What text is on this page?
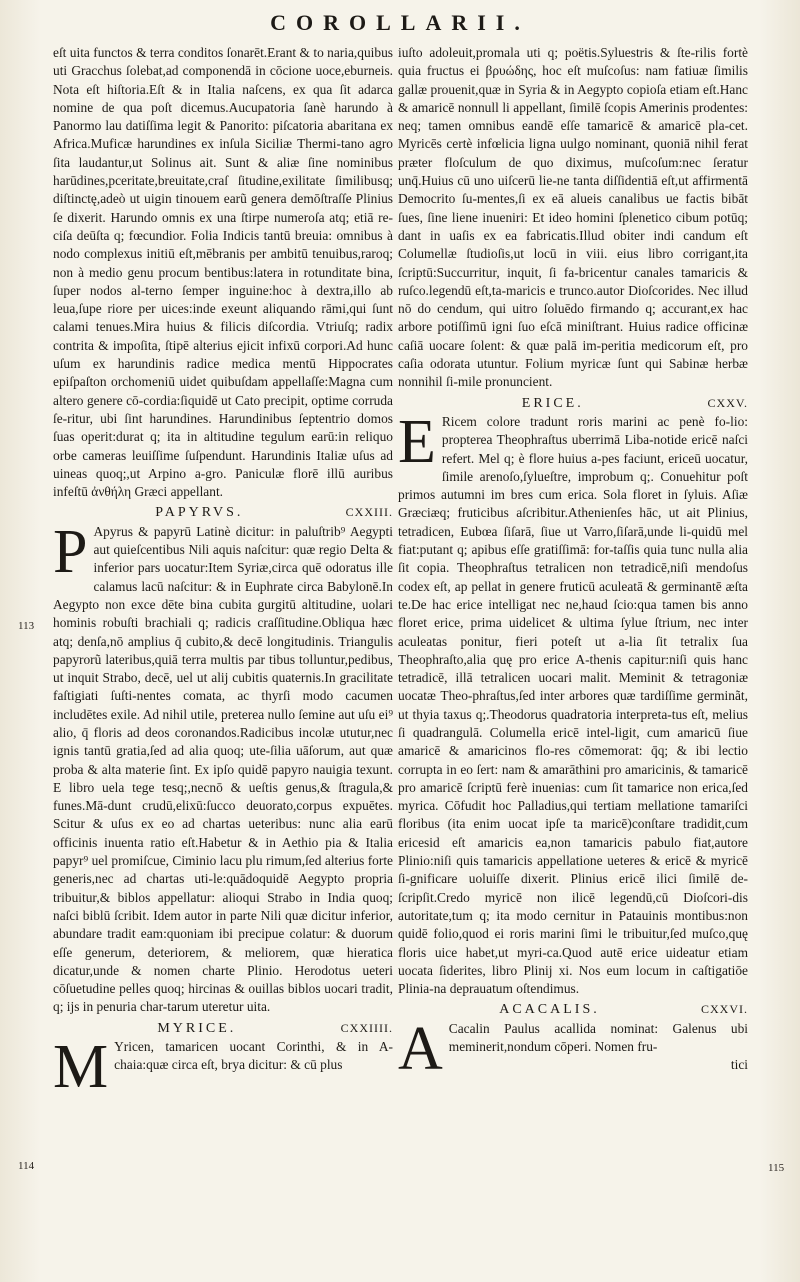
COROLLARII.
113
114	115

eſt uita functos & terra conditos ſonarēt.Erant & to naria,quibus uti Gracchus ſolebat,ad componendā in cōcione uoce,eburneis. Nota eſt hiſtoria.Eſt & in Italia naſcens, ex qua ſit adarca nomine de qua poſt dicemus.Aucupatoria ſanè harundo à Panormo lau datiſſima legit & Panorito: piſcatoria abaritana ex Africa.Muficæ harundines ex inſula Siciliæ Thermi-tano agro ſita laudantur,ut Solinus ait. Sunt & aliæ ſine nominibus harūdines,pceritate,breuitate,craſ ſitudine,exilitate ſimilibusq; diſtinctę,adeò ut uigin tinouem earũ genera demōſtraſſe Plinius ſe dixerit. Harundo omnis ex una ſtirpe numeroſa atq; etiā re-ciſa deūſta q; fœcundior. Folia Indicis tantū breuia: omnibus à nodo complexus initiū eſt,mēbranis per ambitū tenuibus,raroq; non à medio genu procum bentibus:latera in rotunditate bina, ſuper nodos al-terno ſemper inguine:hoc à dextra,illo ab leua,ſupe riore per uices:inde exeunt aliquando rāmi,qui ſunt calami tenues.Mira huius & filicis diſcordia. Vtriuſq; radix contrita & impoſita, ſtipē alterius ejicit infixū corpori.Ad hunc uſum ex harundinis radice medica mentū Hippocrates epiſpaſton orchomeniū uidet quibuſdam appellaſſe:Magna cum altero genere cō-cordia:ſiquidē ut Cato precipit, optime corruda ſe-ritur, ubi ſint harundines. Harundinibus ſeptentrio domos ſuas operit:durat q; ita in altitudine tegulum earū:in reliquo orbe cameras leuiſſime ſuſpendunt. Harundinis Italiæ uſus ad uineas quoq;,ut Arpino a-gro. Paniculæ florē illū auribus infeſtū ἀνθήλη Græci appellant.

PAPYRVS.	CXXIII.

P Apyrus & papyrū Latinè dicitur: in paluſtrib⁹ Aegypti aut quieſcentibus Nili aquis naſcitur: quæ regio Delta & inferior pars uocatur:Item Syriæ,circa quē odoratus ille calamus lacū naſcitur: & in Euphrate circa Babylonē.In Aegypto non exce dēte bina cubita gurgitū altitudine, uolari hominis robuſti brachiali q; radicis craſſitudine.Obliqua hæc atq; denſa,nō amplius q̄ cubito,& decē longitudinis. Triangulis papyrorũ lateribus,quiā terra multis par tibus tolluntur,pedibus, ut inquit Strabo, decē, uel ut alij cubitis quaternis.In gracilitate faſtigiati ſuſti-nentes comata, ac thyrſi modo cacumen includētes exile. Ad nihil utile, preterea nullo ſemine aut uſu ei⁹ alio, q̄ floris ad deos coronandos.Radicibus incolæ ututur,nec ignis tantū gratia,ſed ad alia quoq; ute-ſilia uāſorum, aut quæ proba & alta materie ſint. Ex ipſo quidē papyro nauigia texunt. E libro uela tege tesq;,necnō & ueſtis genus,& ſtragula,& funes.Mā-dunt crudū,elixū:ſucco deuorato,corpus expuētes. Scitur & uſus ex eo ad chartas ueteribus: nunc alia earū officinis inuenta ratio eſt.Habetur & in Aethio pia & Italia papyr⁹ uel promiſcue, Ciminio lacu plu rimum,ſed alterius forte generis,nec ad chartas uti-le:quādoquidē Aegypto propria tribuitur,& biblos appellatur: alioqui Strabo in India quoq; naſci biblū ſcribit. Idem autor in parte Nili quæ dicitur inferior, abundare tradit eam:quoniam ibi precipue colatur: & duorum eſſe generum, deteriorem, & meliorem, quæ hieratica dicatur,unde & nomen charte Plinio. Herodotus ueteri cōſuetudine pelles quoq; hircinas & ouillas biblos uocari tradit, q; ijs in penuria char-tarum uteretur uita.

MYRICE.	CXXIIII.

M Yricen, tamaricen uocant Corinthi, & in A-chaia:quæ circa eſt, brya dicitur: & cū plus

iuſto adoleuit,promala uti q; poëtis.Syluestris & ſte-rilis fortè quia fructus ei βρυώδης, hoc eſt muſcoſus: nam fatiuæ ſimilis gallæ prouenit,quæ in Syria & in Aegypto copioſa etiam eſt.Hanc & amaricē nonnull li appellant, ſimilē ſcopis Amerinis prodentes: neq; tamen omnibus eandē eſſe tamaricē & amaricē pla-cet. Myricēs certè infœlicia ligna uulgo nominant, quoniā nihil ferat præter floſculum de quo diximus, muſcoſum:nec ſeratur unq̄.Huius cū uno uiſcerū lie-ne tanta diſſidentiā eſt,ut affirmentā Democrito ſu-mentes,ſi ex eā alueis canalibus ue factis bibāt ſues, ſine liene inueniri: Et ideo homini ſplenetico cibum potūq; dant in uaſis ex ea fabricatis.Illud obiter indi candum eſt Columellæ ſtudioſis,ut locū in viii. eius libro corrigant,ita ſcriptū:Succurritur, inquit, ſi fa-bricentur canales tamaricis & ruſco.legendū eſt,ta-maricis e trunco.autor Dioſcorides. Nec illud nō do cendum, qui uitro ſoluēdo firmando q; accurant,ex hac arbore potiſſimū igni ſuo eſcā miniſtrant. Huius radice officinæ caſiā uocare ſolent: & quæ palā im-peritia medicorum eſt, pro caſia odorata utuntur. Folium myricæ ſunt qui Sabinæ herbæ nonnihil ſi-mile pronuncient.

ERICE.	CXXV.

E Ricem colore tradunt roris marini ac penè fo-lio: propterea Theophraſtus uberrimā Liba-notide ericē naſci refert. Mel q; è flore huius a-pes faciunt, ericeū uocatur, ſimile arenoſo,ſylueſtre, improbum q;. Conuehitur poſt primos autumni im bres cum erica. Sola floret in ſyluis. Aſiæ Græciæq; fruticibus aſcribitur.Athenienſes hāc, ut ait Plinius, tetradicen, Eubœa ſiſarā, ſiue ut Varro,ſiſarā,unde li-quidū mel fiat:putant q; apibus eſſe gratiſſimā: for-taſſis quia tunc nulla alia ſit copia. Theophraſtus tetralicen non tetradicē,niſi mendoſus codex eſt, ap pellat in genere fruticū aculeatā & germinantē æſta te.De hac erice intelligat nec ne,haud ſcio:qua tamen bis anno floret erice, prima uidelicet & ultima ſylue ſtrium, nec inter aculeatas ponitur, fieri poteſt ut a-lia ſit tetralix ſua Theophraſto,alia quę pro erice A-thenis capitur:niſi quis hanc tetradicē, illā tetralicen uocari malit. Meminit & tetragoniæ uocatæ Theo-phraſtus,ſed inter arbores quæ tardiſſime germinãt, ut thyia taxus q;.Theodorus quadratoria interpreta-tus eſt, melius ſi quadrangulā. Columella ericē intel-ligit, cum amaricū ſiue amaricē & amaricinos flo-res cōmemorat: q̄q; & ibi lectio corrupta in eo ſert: nam & amarāthini pro amaricinis, & tamaricē pro amaricē ſcriptū ferè inuenias: cum ſit tamarice non erica,ſed myrica. Cōfudit hoc Palladius,qui tertiam mellatione tamariſci floribus (ita enim uocat ipſe ta maricē)conſtare tradidit,cum ericesid eſt amaricis ea,non tamaricis pabulo fiat,autore Plinio:niſi quis tamaricis appellatione ueteres & ericē & myricē ſi-gnificare uoluiſſe dixerit. Plinius ericē ilici ſimilē de-ſcripſit.Credo myricē non ilicē legendū,cū Dioſcori-dis autoritate,tum q; ita modo cernitur in Patauinis montibus:non quidē folio,quod ei roris marini ſimi le tribuitur,ſed muſco,quę floris uice habet,ut myri-ca.Quod autē erice uideatur etiam uocata ſiderites, libro Plinij xi. Nos eum locum in caſtigatiōe Plinia-na deprauatum oſtendimus.

ACACALIS.	CXXVI.

A Cacalin Paulus acallida nominat: Galenus ubi meminerit,nondum cōperi. Nomen fru-

tici
